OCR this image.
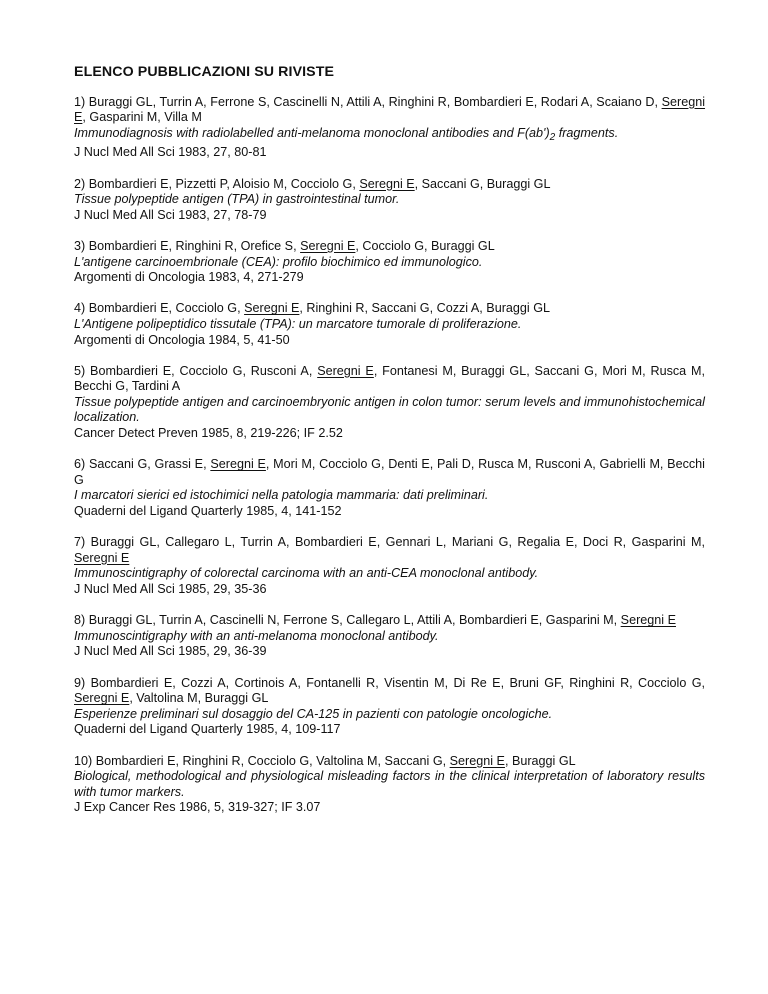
ELENCO PUBBLICAZIONI SU RIVISTE
1) Buraggi GL, Turrin A, Ferrone S, Cascinelli N, Attili A, Ringhini R, Bombardieri E, Rodari A, Scaiano D, Seregni E, Gasparini M, Villa M
Immunodiagnosis with radiolabelled anti-melanoma monoclonal antibodies and $F(ab')_2$ fragments.
J Nucl Med All Sci 1983, 27, 80-81
2) Bombardieri E, Pizzetti P, Aloisio M, Cocciolo G, Seregni E, Saccani G, Buraggi GL
Tissue polypeptide antigen (TPA) in gastrointestinal tumor.
J Nucl Med All Sci 1983, 27, 78-79
3) Bombardieri E, Ringhini R, Orefice S, Seregni E, Cocciolo G, Buraggi GL
L'antigene carcinoembrionale (CEA): profilo biochimico ed immunologico.
Argomenti di Oncologia 1983, 4, 271-279
4) Bombardieri E, Cocciolo G, Seregni E, Ringhini R, Saccani G, Cozzi A, Buraggi GL
L'Antigene polipeptidico tissutale (TPA): un marcatore tumorale di proliferazione.
Argomenti di Oncologia 1984, 5, 41-50
5) Bombardieri E, Cocciolo G, Rusconi A, Seregni E, Fontanesi M, Buraggi GL, Saccani G, Mori M, Rusca M, Becchi G, Tardini A
Tissue polypeptide antigen and carcinoembryonic antigen in colon tumor: serum levels and immunohistochemical localization.
Cancer Detect Preven 1985, 8, 219-226; IF 2.52
6) Saccani G, Grassi E, Seregni E, Mori M, Cocciolo G, Denti E, Pali D, Rusca M, Rusconi A, Gabrielli M, Becchi G
I marcatori sierici ed istochimici nella patologia mammaria: dati preliminari.
Quaderni del Ligand Quarterly 1985, 4, 141-152
7) Buraggi GL, Callegaro L, Turrin A, Bombardieri E, Gennari L, Mariani G, Regalia E, Doci R, Gasparini M, Seregni E
Immunoscintigraphy of colorectal carcinoma with an anti-CEA monoclonal antibody.
J Nucl Med All Sci 1985, 29, 35-36
8) Buraggi GL, Turrin A, Cascinelli N, Ferrone S, Callegaro L, Attili A, Bombardieri E, Gasparini M, Seregni E
Immunoscintigraphy with an anti-melanoma monoclonal antibody.
J Nucl Med All Sci 1985, 29, 36-39
9) Bombardieri E, Cozzi A, Cortinois A, Fontanelli R, Visentin M, Di Re E, Bruni GF, Ringhini R, Cocciolo G, Seregni E, Valtolina M, Buraggi GL
Esperienze preliminari sul dosaggio del CA-125 in pazienti con patologie oncologiche.
Quaderni del Ligand Quarterly 1985, 4, 109-117
10) Bombardieri E, Ringhini R, Cocciolo G, Valtolina M, Saccani G, Seregni E, Buraggi GL
Biological, methodological and physiological misleading factors in the clinical interpretation of laboratory results with tumor markers.
J Exp Cancer Res 1986, 5, 319-327; IF 3.07
